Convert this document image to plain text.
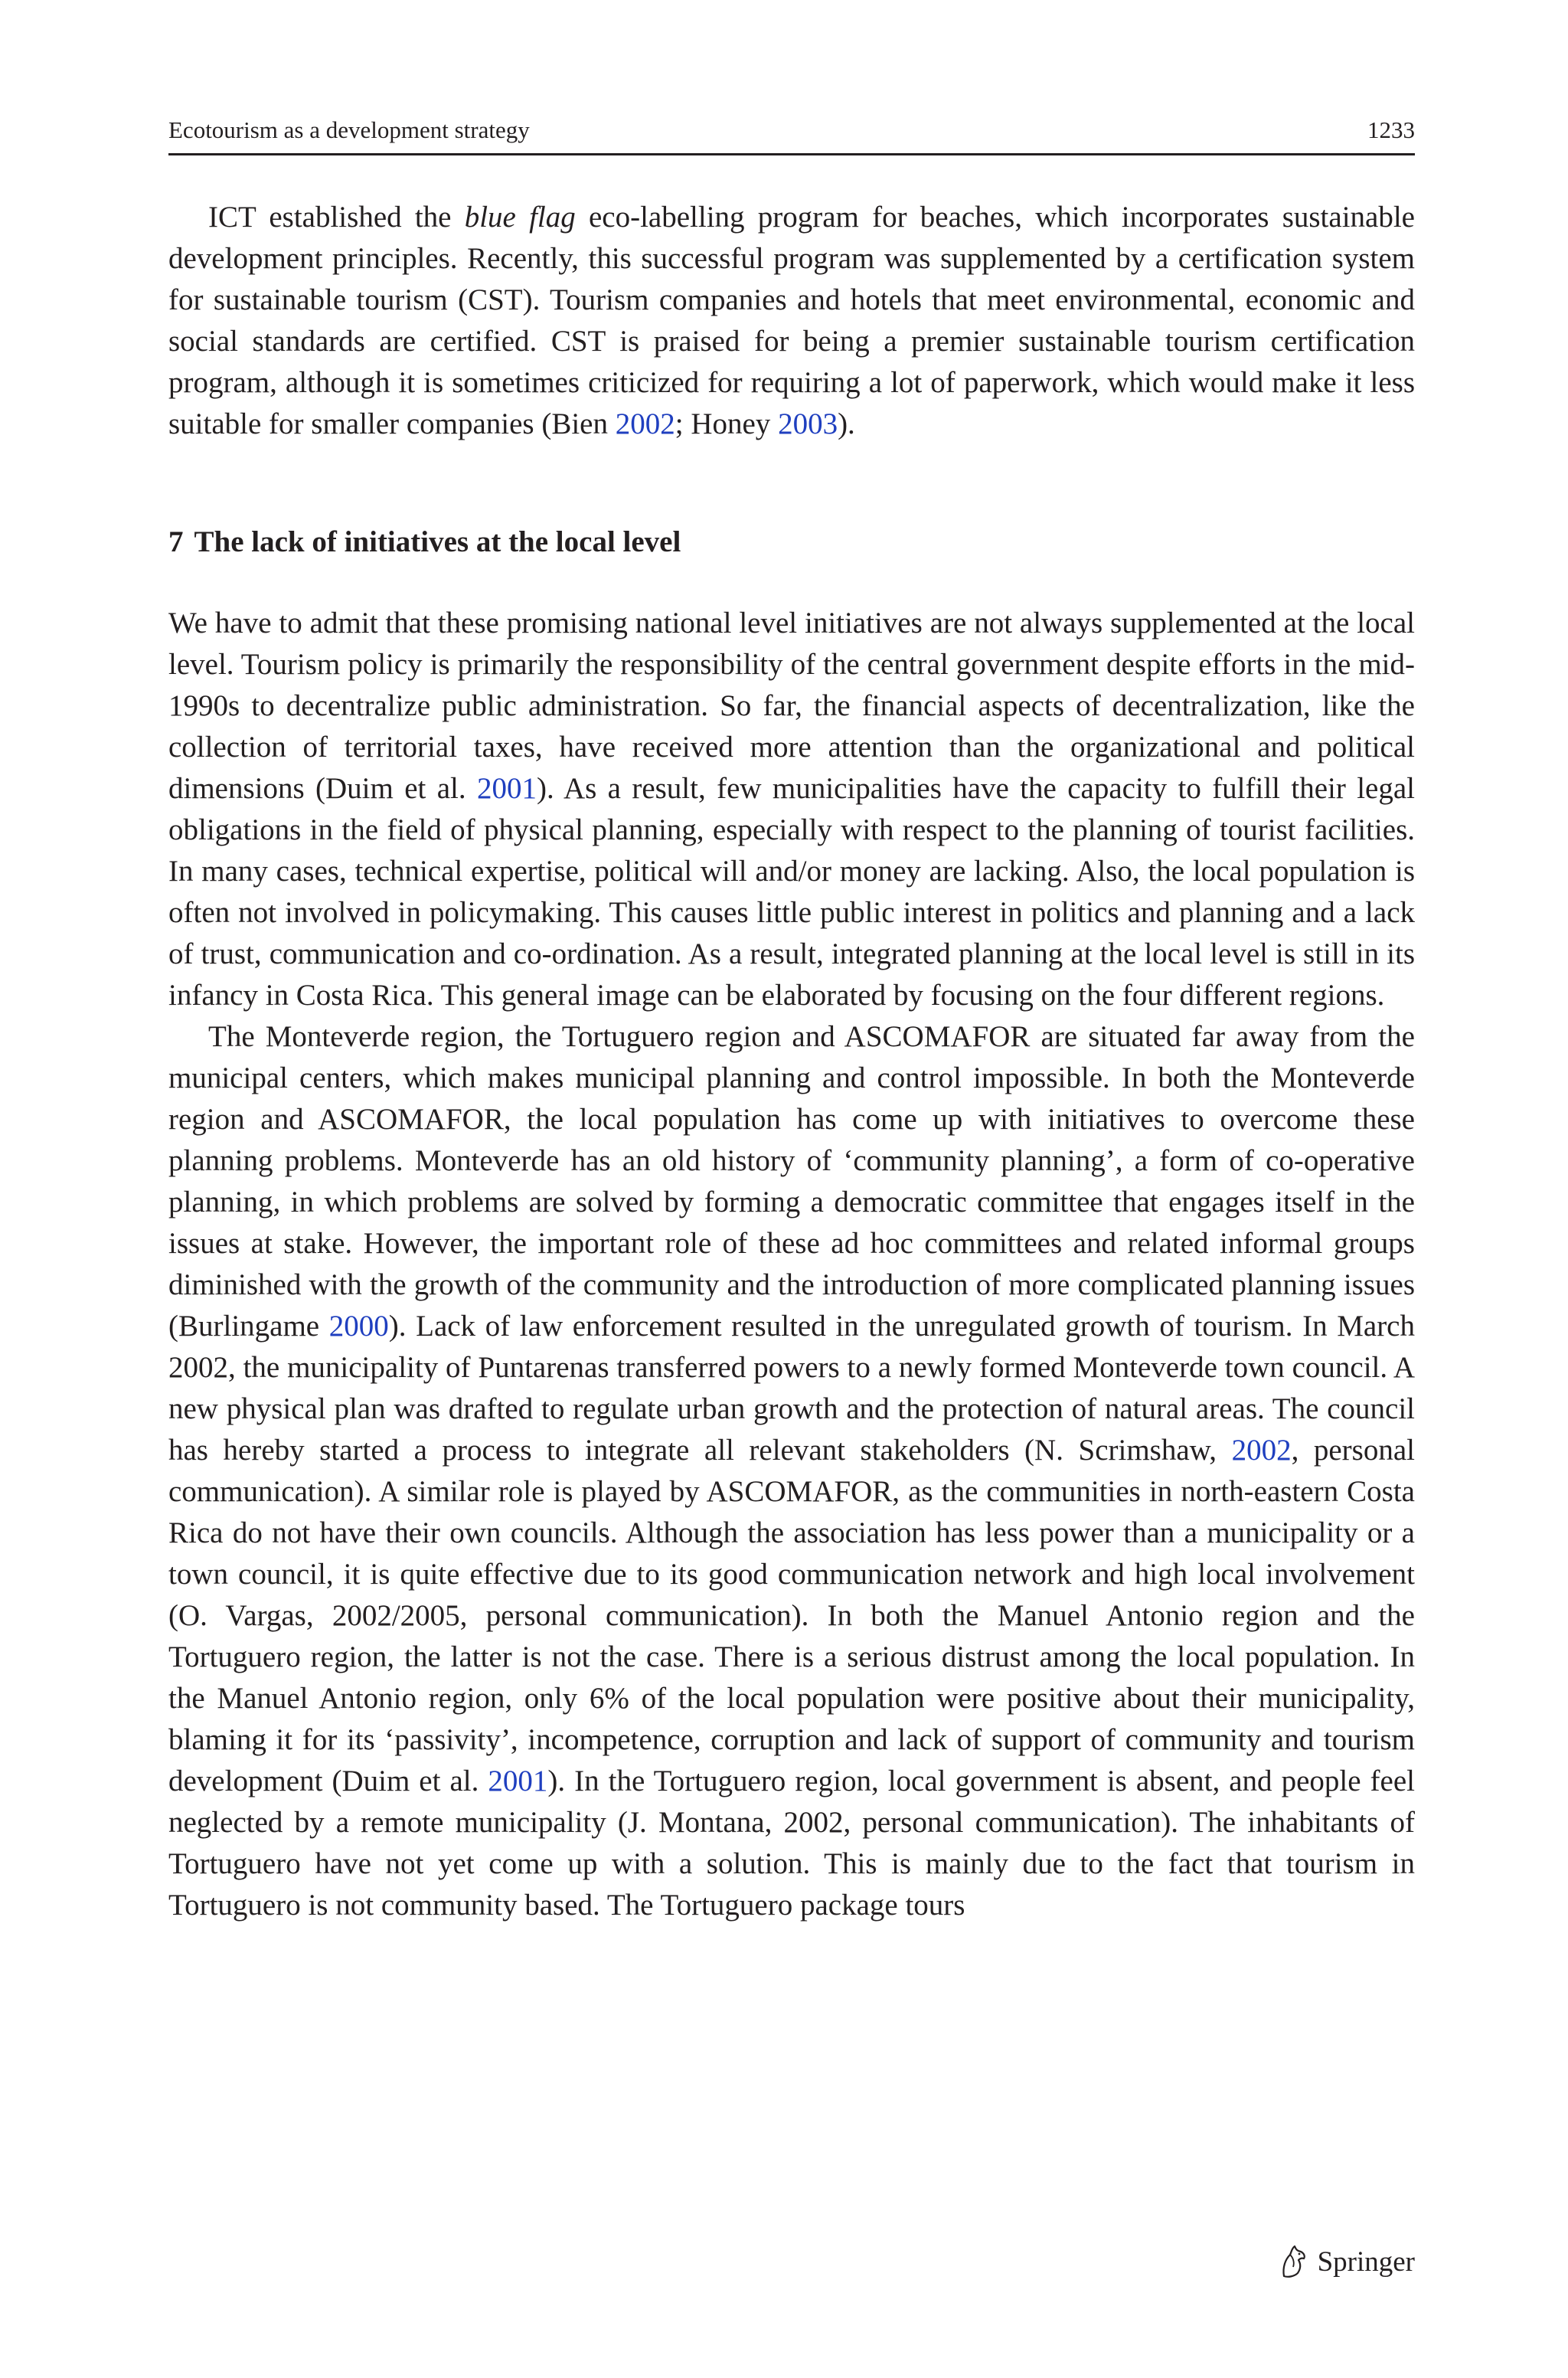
Ecotourism as a development strategy	1233

ICT established the blue flag eco-labelling program for beaches, which incorporates sustainable development principles. Recently, this successful program was supplemented by a certification system for sustainable tourism (CST). Tourism companies and hotels that meet environmental, economic and social standards are certified. CST is praised for being a premier sustainable tourism certification program, although it is sometimes criticized for requiring a lot of paperwork, which would make it less suitable for smaller companies (Bien 2002; Honey 2003).

7 The lack of initiatives at the local level

We have to admit that these promising national level initiatives are not always supplemented at the local level. Tourism policy is primarily the responsibility of the central government despite efforts in the mid-1990s to decentralize public administration. So far, the financial aspects of decentralization, like the collection of territorial taxes, have received more attention than the organizational and political dimensions (Duim et al. 2001). As a result, few municipalities have the capacity to fulfill their legal obligations in the field of physical planning, especially with respect to the planning of tourist facilities. In many cases, technical expertise, political will and/or money are lacking. Also, the local population is often not involved in policymaking. This causes little public interest in politics and planning and a lack of trust, communication and co-ordination. As a result, integrated planning at the local level is still in its infancy in Costa Rica. This general image can be elaborated by focusing on the four different regions.

The Monteverde region, the Tortuguero region and ASCOMAFOR are situated far away from the municipal centers, which makes municipal planning and control impossible. In both the Monteverde region and ASCOMAFOR, the local population has come up with initiatives to overcome these planning problems. Monteverde has an old history of ‘community planning’, a form of co-operative planning, in which problems are solved by forming a democratic committee that engages itself in the issues at stake. However, the important role of these ad hoc committees and related informal groups diminished with the growth of the community and the introduction of more complicated planning issues (Burlingame 2000). Lack of law enforcement resulted in the unregulated growth of tourism. In March 2002, the municipality of Puntarenas transferred powers to a newly formed Monteverde town council. A new physical plan was drafted to regulate urban growth and the protection of natural areas. The council has hereby started a process to integrate all relevant stakeholders (N. Scrimshaw, 2002, personal communication). A similar role is played by ASCOMAFOR, as the communities in north-eastern Costa Rica do not have their own councils. Although the association has less power than a municipality or a town council, it is quite effective due to its good communication network and high local involvement (O. Vargas, 2002/2005, personal communication). In both the Manuel Antonio region and the Tortuguero region, the latter is not the case. There is a serious distrust among the local population. In the Manuel Antonio region, only 6% of the local population were positive about their municipality, blaming it for its ‘passivity’, incompetence, corruption and lack of support of community and tourism development (Duim et al. 2001). In the Tortuguero region, local government is absent, and people feel neglected by a remote municipality (J. Montana, 2002, personal communication). The inhabitants of Tortuguero have not yet come up with a solution. This is mainly due to the fact that tourism in Tortuguero is not community based. The Tortuguero package tours

Springer
